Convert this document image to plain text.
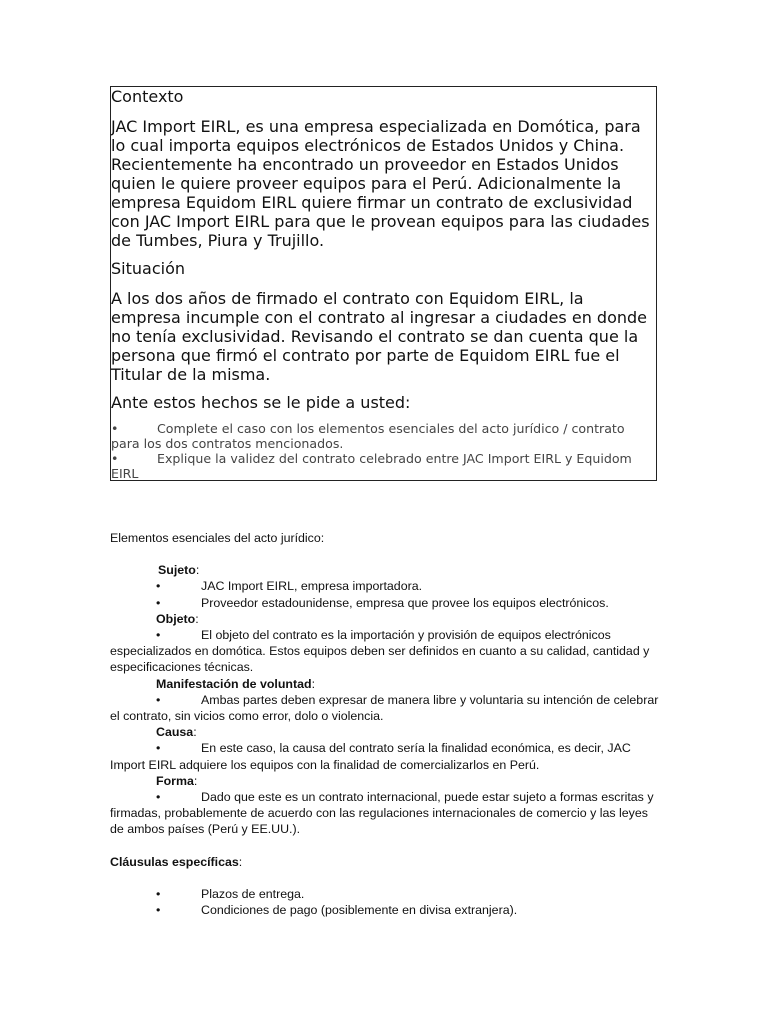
Contexto

JAC Import EIRL, es una empresa especializada en Domótica, para lo cual importa equipos electrónicos de Estados Unidos y China. Recientemente ha encontrado un proveedor en Estados Unidos quien le quiere proveer equipos para el Perú. Adicionalmente la empresa Equidom EIRL quiere firmar un contrato de exclusividad con JAC Import EIRL para que le provean equipos para las ciudades de Tumbes, Piura y Trujillo.

Situación

A los dos años de firmado el contrato con Equidom EIRL, la empresa incumple con el contrato al ingresar a ciudades en donde no tenía exclusividad. Revisando el contrato se dan cuenta que la persona que firmó el contrato por parte de Equidom EIRL fue el Titular de la misma.

Ante estos hechos se le pide a usted:

•	Complete el caso con los elementos esenciales del acto jurídico / contrato para los dos contratos mencionados.

•	Explique la validez del contrato celebrado entre JAC Import EIRL y Equidom EIRL

Elementos esenciales del acto jurídico:

Sujeto:

•	JAC Import EIRL, empresa importadora.

•	Proveedor estadounidense, empresa que provee los equipos electrónicos.

Objeto:

•	El objeto del contrato es la importación y provisión de equipos electrónicos especializados en domótica. Estos equipos deben ser definidos en cuanto a su calidad, cantidad y especificaciones técnicas.

Manifestación de voluntad:

•	Ambas partes deben expresar de manera libre y voluntaria su intención de celebrar el contrato, sin vicios como error, dolo o violencia.

Causa:

•	En este caso, la causa del contrato sería la finalidad económica, es decir, JAC Import EIRL adquiere los equipos con la finalidad de comercializarlos en Perú.

Forma:

•	Dado que este es un contrato internacional, puede estar sujeto a formas escritas y firmadas, probablemente de acuerdo con las regulaciones internacionales de comercio y las leyes de ambos países (Perú y EE.UU.).

Cláusulas específicas:

•	Plazos de entrega.

•	Condiciones de pago (posiblemente en divisa extranjera).
